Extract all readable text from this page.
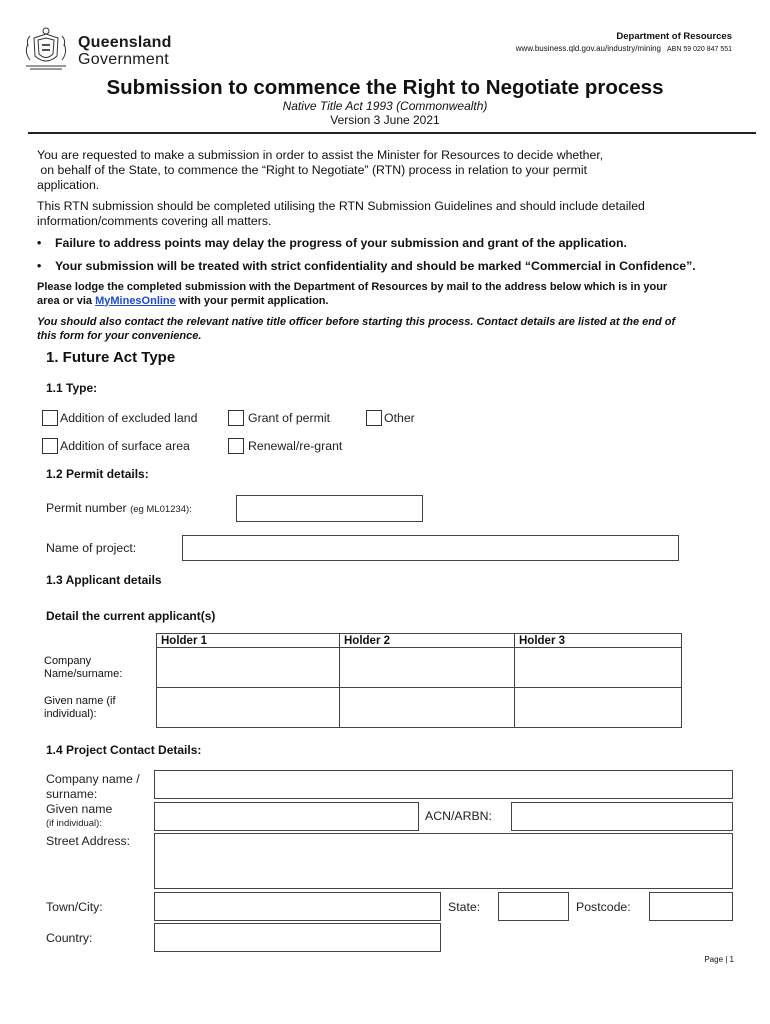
Queensland
Government
Department of Resources
www.business.qld.gov.au/industry/mining ABN 59 020 847 551
Submission to commence the Right to Negotiate process
Native Title Act 1993 (Commonwealth)
Version 3 June 2021
You are requested to make a submission in order to assist the Minister for Resources to decide whether,
on behalf of the State, to commence the “Right to Negotiate” (RTN) process in relation to your permit
application.
This RTN submission should be completed utilising the RTN Submission Guidelines and should include detailed
information/comments covering all matters.
• Failure to address points may delay the progress of your submission and grant of the application.
• Your submission will be treated with strict confidentiality and should be marked “Commercial in Confidence”.
Please lodge the completed submission with the Department of Resources by mail to the address below which is in your
area or via MyMinesOnline with your permit application.
You should also contact the relevant native title officer before starting this process. Contact details are listed at the end of
this form for your convenience.
1. Future Act Type
1.1 Type:
Addition of excluded land	Grant of permit	Other
Addition of surface area	Renewal/re-grant
1.2 Permit details:
Permit number (eg ML01234):
Name of project:
1.3 Applicant details
Detail the current applicant(s)
	Holder 1	Holder 2	Holder 3

Company
Name/surname:			

Given name (if
individual):			

1.4 Project Contact Details:
Company name /
surname:
Given name
(if individual):
ACN/ARBN:
Street Address:
Town/City:	State:	Postcode:
Country:
Page | 1
